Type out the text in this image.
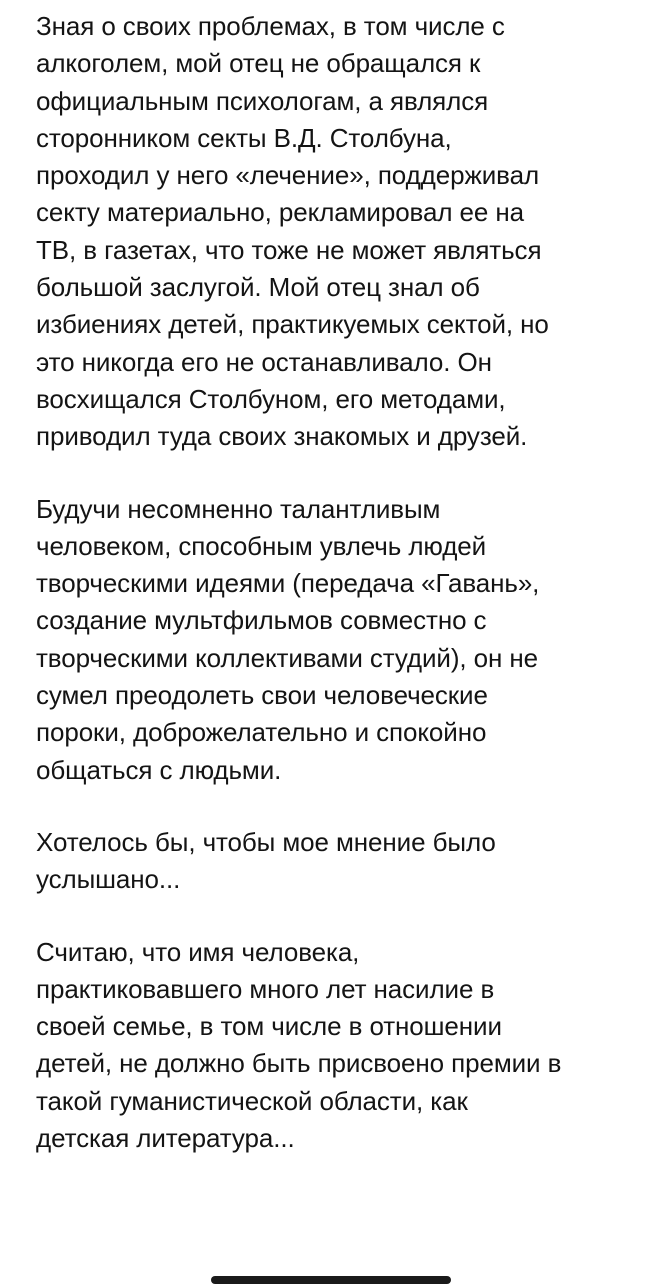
Зная о своих проблемах, в том числе с
алкоголем, мой отец не обращался к
официальным психологам, а являлся
сторонником секты В.Д. Столбуна,
проходил у него «лечение», поддерживал
секту материально, рекламировал ее на
ТВ, в газетах, что тоже не может являться
большой заслугой. Мой отец знал об
избиениях детей, практикуемых сектой, но
это никогда его не останавливало. Он
восхищался Столбуном, его методами,
приводил туда своих знакомых и друзей.

Будучи несомненно талантливым
человеком, способным увлечь людей
творческими идеями (передача «Гавань»,
создание мультфильмов совместно с
творческими коллективами студий), он не
сумел преодолеть свои человеческие
пороки, доброжелательно и спокойно
общаться с людьми.

Хотелось бы, чтобы мое мнение было
услышано...

Считаю, что имя человека,
практиковавшего много лет насилие в
своей семье, в том числе в отношении
детей, не должно быть присвоено премии в
такой гуманистической области, как
детская литература...
